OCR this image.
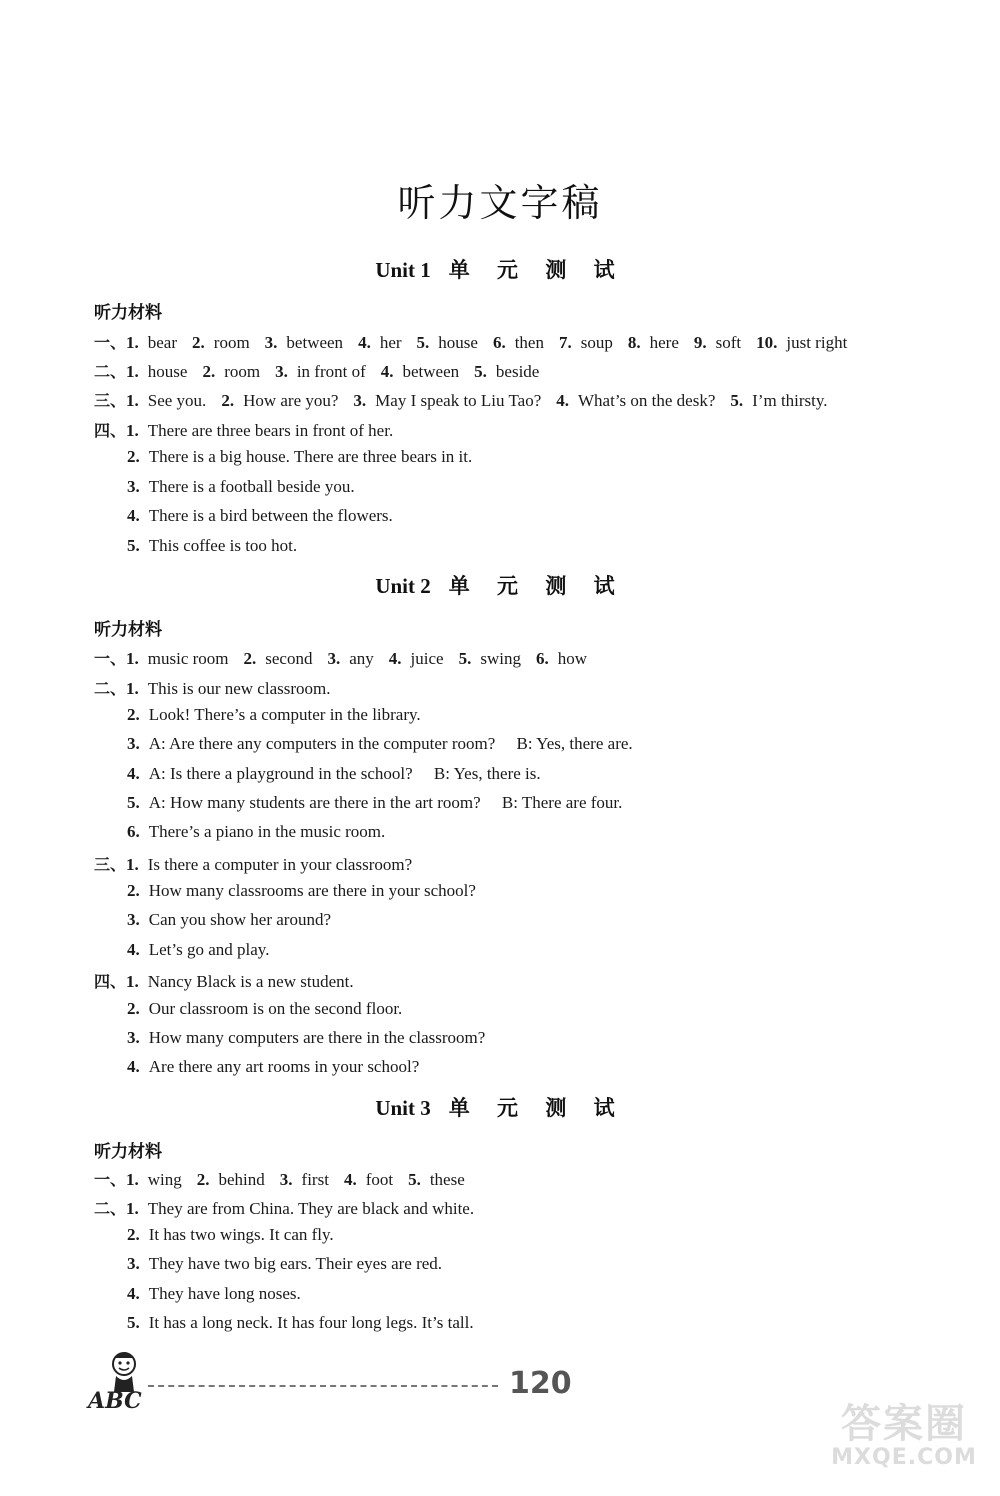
听力文字稿
Unit 1 单 元 测 试
听力材料
一、1. bear 2. room 3. between 4. her 5. house 6. then 7. soup 8. here 9. soft 10. just right
二、1. house 2. room 3. in front of 4. between 5. beside
三、1. See you. 2. How are you? 3. May I speak to Liu Tao? 4. What’s on the desk? 5. I’m thirsty.
四、1. There are three bears in front of her.
2. There is a big house. There are three bears in it.
3. There is a football beside you.
4. There is a bird between the flowers.
5. This coffee is too hot.
Unit 2 单 元 测 试
听力材料
一、1. music room 2. second 3. any 4. juice 5. swing 6. how
二、1. This is our new classroom.
2. Look! There’s a computer in the library.
3. A: Are there any computers in the computer room?     B: Yes, there are.
4. A: Is there a playground in the school?     B: Yes, there is.
5. A: How many students are there in the art room?     B: There are four.
6. There’s a piano in the music room.
三、1. Is there a computer in your classroom?
2. How many classrooms are there in your school?
3. Can you show her around?
4. Let’s go and play.
四、1. Nancy Black is a new student.
2. Our classroom is on the second floor.
3. How many computers are there in the classroom?
4. Are there any art rooms in your school?
Unit 3 单 元 测 试
听力材料
一、1. wing 2. behind 3. first 4. foot 5. these
二、1. They are from China. They are black and white.
2. It has two wings. It can fly.
3. They have two big ears. Their eyes are red.
4. They have long noses.
5. It has a long neck. It has four long legs. It’s tall.
120
ABC	答案圈
MXQE.COM
